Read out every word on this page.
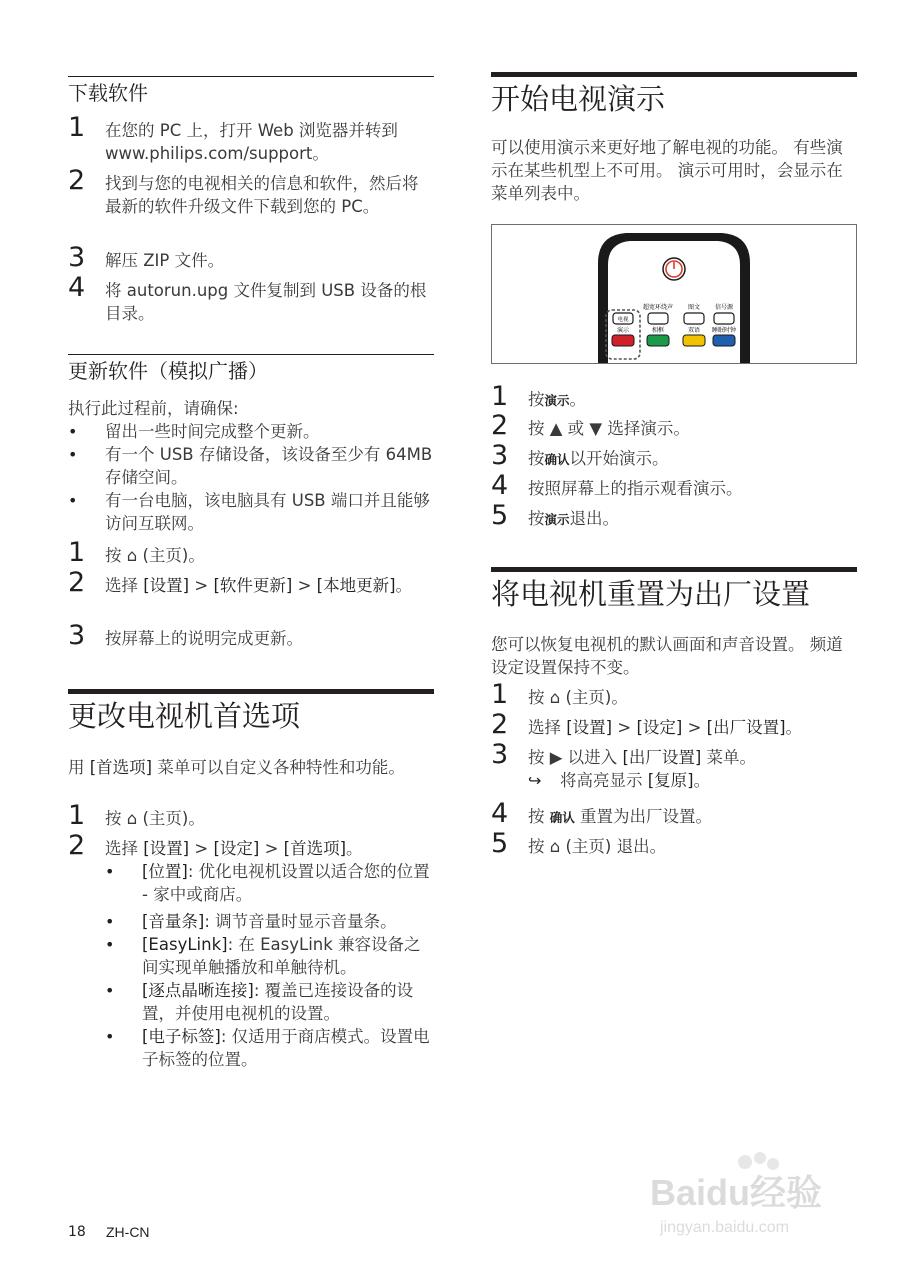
下载软件
1 在您的 PC 上，打开 Web 浏览器并转到 www.philips.com/support。
2 找到与您的电视相关的信息和软件，然后将最新的软件升级文件下载到您的 PC。
3 解压 ZIP 文件。
4 将 autorun.upg 文件复制到 USB 设备的根目录。
更新软件（模拟广播）
执行此过程前，请确保:
• 留出一些时间完成整个更新。
• 有一个 USB 存储设备，该设备至少有 64MB 存储空间。
• 有一台电脑，该电脑具有 USB 端口并且能够访问互联网。
1 按 ⌂ (主页)。
2 选择 [设置] > [软件更新] > [本地更新]。
3 按屏幕上的说明完成更新。
更改电视机首选项
用 [首选项] 菜单可以自定义各种特性和功能。
1 按 ⌂ (主页)。
2 选择 [设置] > [设定] > [首选项]。
• [位置]: 优化电视机设置以适合您的位置 - 家中或商店。
• [音量条]: 调节音量时显示音量条。
• [EasyLink]: 在 EasyLink 兼容设备之间实现单触播放和单触待机。
• [逐点晶晰连接]: 覆盖已连接设备的设置，并使用电视机的设置。
• [电子标签]: 仅适用于商店模式。设置电子标签的位置。
开始电视演示
可以使用演示来更好地了解电视的功能。 有些演示在某些机型上不可用。 演示可用时，会显示在菜单列表中。
超宽环绕声 图文 信号源
电视
演示	相框	双语 睡眠时钟
1 按演示。
2 按 ▲ 或 ▼ 选择演示。
3 按确认以开始演示。
4 按照屏幕上的指示观看演示。
5 按演示退出。
将电视机重置为出厂设置
您可以恢复电视机的默认画面和声音设置。 频道设定设置保持不变。
1 按 ⌂ (主页)。
2 选择 [设置] > [设定] > [出厂设置]。
3 按 ▶ 以进入 [出厂设置] 菜单。
↪ 将高亮显示 [复原]。
4 按 确认 重置为出厂设置。
5 按 ⌂ (主页) 退出。
18 ZH-CN
Baidu经验
jingyan.baidu.com
